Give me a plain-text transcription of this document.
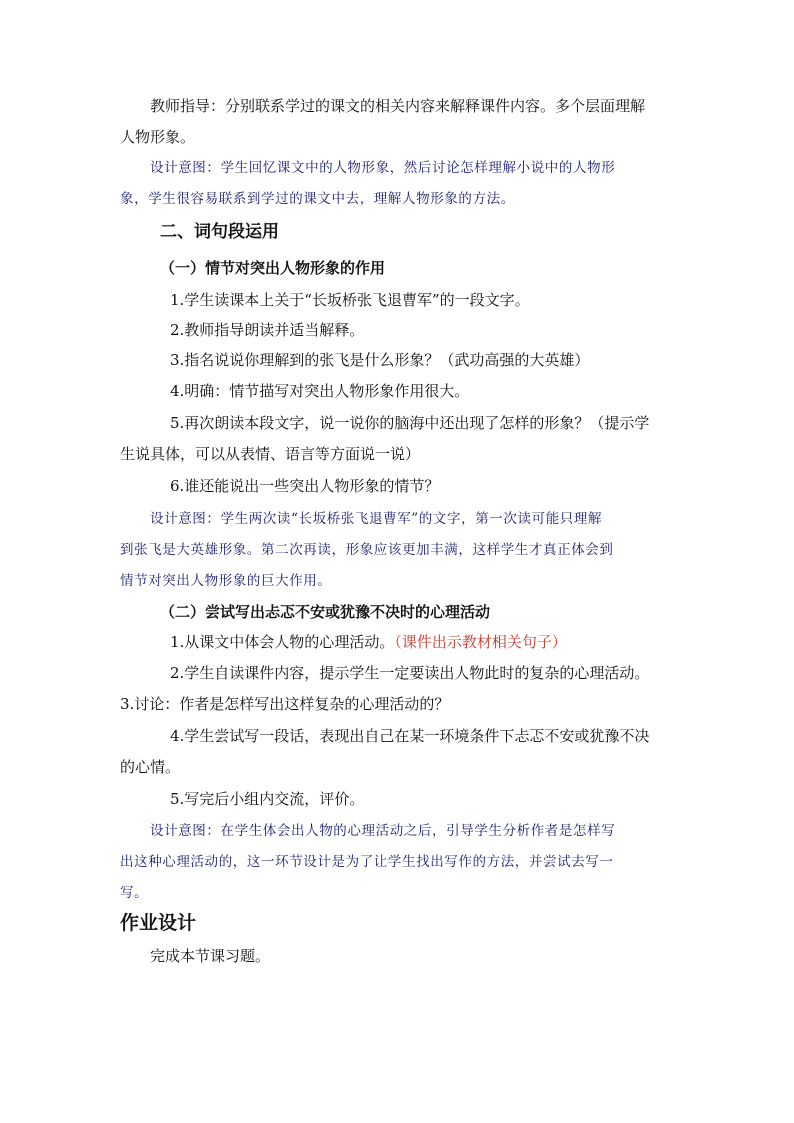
教师指导：分别联系学过的课文的相关内容来解释课件内容。多个层面理解
人物形象。
设计意图：学生回忆课文中的人物形象，然后讨论怎样理解小说中的人物形
象，学生很容易联系到学过的课文中去，理解人物形象的方法。
二、词句段运用
（一）情节对突出人物形象的作用
1.学生读课本上关于“长坂桥张飞退曹军”的一段文字。
2.教师指导朗读并适当解释。
3.指名说说你理解到的张飞是什么形象？（武功高强的大英雄）
4.明确：情节描写对突出人物形象作用很大。
5.再次朗读本段文字，说一说你的脑海中还出现了怎样的形象？（提示学
生说具体，可以从表情、语言等方面说一说）
6.谁还能说出一些突出人物形象的情节？
设计意图：学生两次读“长坂桥张飞退曹军”的文字，第一次读可能只理解
到张飞是大英雄形象。第二次再读，形象应该更加丰满，这样学生才真正体会到
情节对突出人物形象的巨大作用。
（二）尝试写出忐忑不安或犹豫不决时的心理活动
1.从课文中体会人物的心理活动。（课件出示教材相关句子）
2.学生自读课件内容，提示学生一定要读出人物此时的复杂的心理活动。
3.讨论：作者是怎样写出这样复杂的心理活动的？
4.学生尝试写一段话，表现出自己在某一环境条件下忐忑不安或犹豫不决
的心情。
5.写完后小组内交流，评价。
设计意图：在学生体会出人物的心理活动之后，引导学生分析作者是怎样写
出这种心理活动的，这一环节设计是为了让学生找出写作的方法，并尝试去写一
写。
作业设计
完成本节课习题。
